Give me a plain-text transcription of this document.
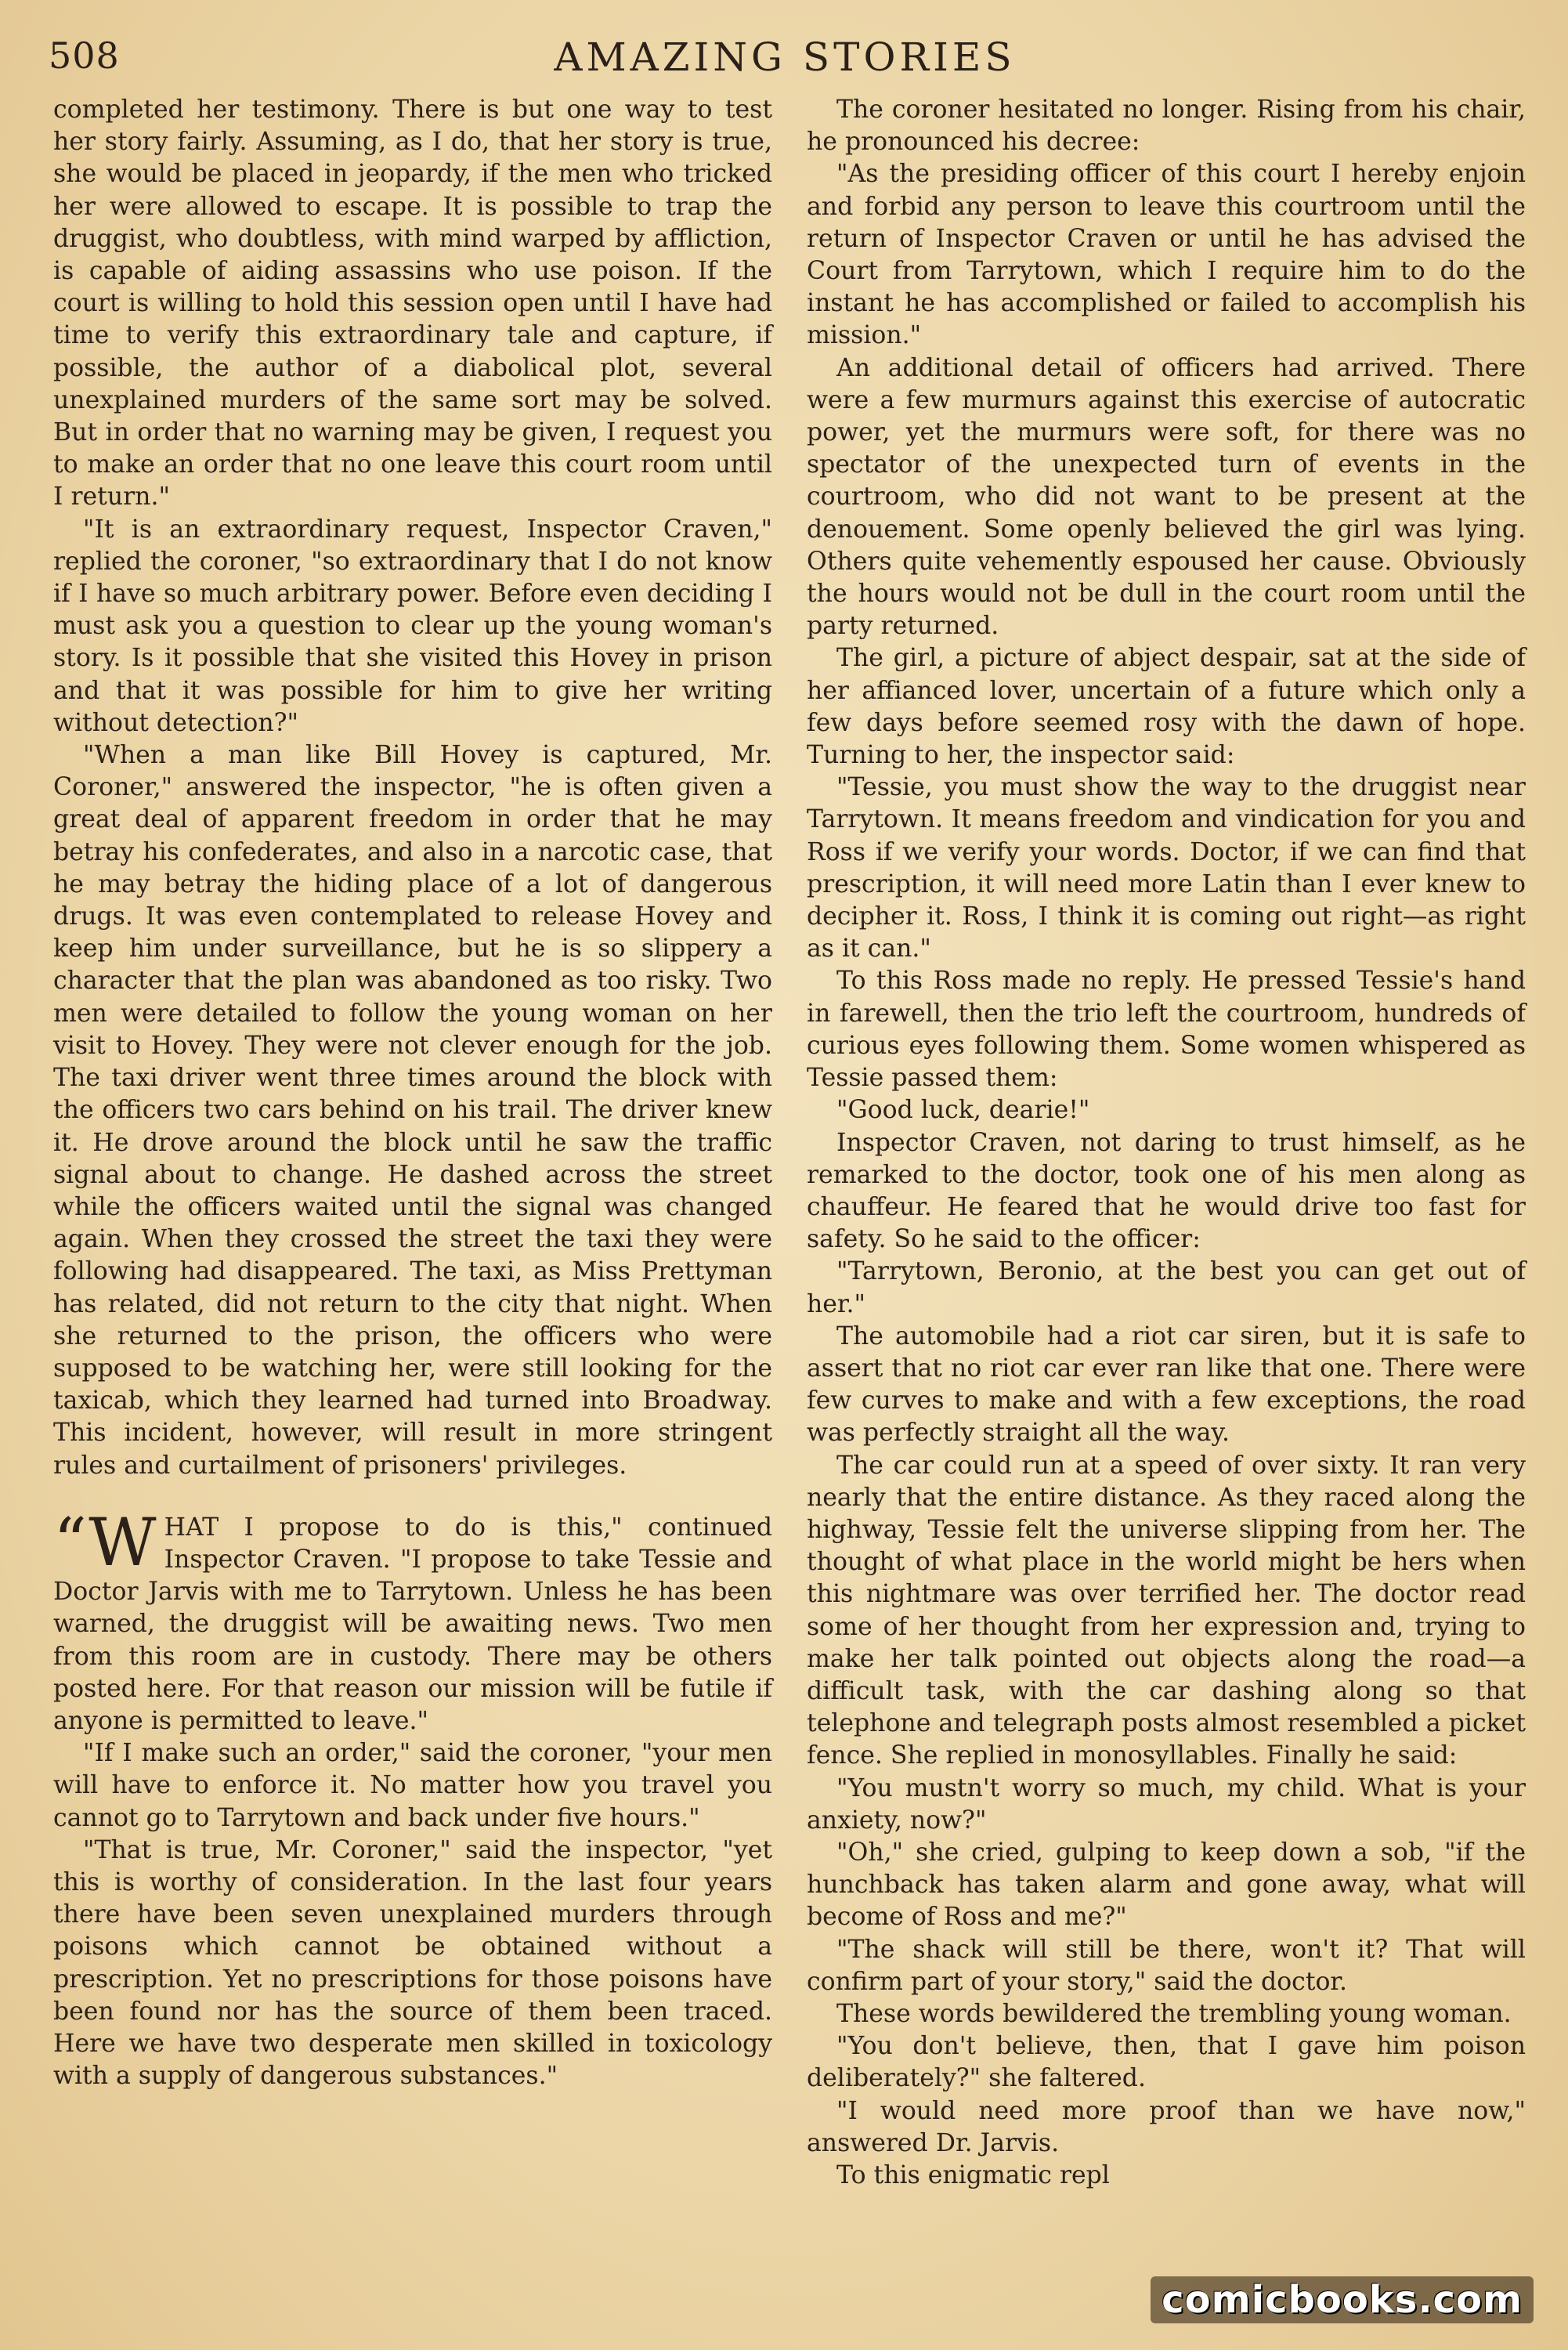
508	AMAZING STORIES

completed her testimony. There is but one way to test her story fairly. Assuming, as I do, that her story is true, she would be placed in jeopardy, if the men who tricked her were allowed to escape. It is possible to trap the druggist, who doubtless, with mind warped by affliction, is capable of aiding assassins who use poison. If the court is willing to hold this session open until I have had time to verify this extraordinary tale and capture, if possible, the author of a diabolical plot, several unexplained murders of the same sort may be solved. But in order that no warning may be given, I request you to make an order that no one leave this court room until I return."

"It is an extraordinary request, Inspector Craven," replied the coroner, "so extraordinary that I do not know if I have so much arbitrary power. Before even deciding I must ask you a question to clear up the young woman's story. Is it possible that she visited this Hovey in prison and that it was possible for him to give her writing without detection?"

"When a man like Bill Hovey is captured, Mr. Coroner," answered the inspector, "he is often given a great deal of apparent freedom in order that he may betray his confederates, and also in a narcotic case, that he may betray the hiding place of a lot of dangerous drugs. It was even contemplated to release Hovey and keep him under surveillance, but he is so slippery a character that the plan was abandoned as too risky. Two men were detailed to follow the young woman on her visit to Hovey. They were not clever enough for the job. The taxi driver went three times around the block with the officers two cars behind on his trail. The driver knew it. He drove around the block until he saw the traffic signal about to change. He dashed across the street while the officers waited until the signal was changed again. When they crossed the street the taxi they were following had disappeared. The taxi, as Miss Prettyman has related, did not return to the city that night. When she returned to the prison, the officers who were supposed to be watching her, were still looking for the taxicab, which they learned had turned into Broadway. This incident, however, will result in more stringent rules and curtailment of prisoners' privileges.

“WHAT I propose to do is this," continued Inspector Craven. "I propose to take Tessie and Doctor Jarvis with me to Tarrytown. Unless he has been warned, the druggist will be awaiting news. Two men from this room are in custody. There may be others posted here. For that reason our mission will be futile if anyone is permitted to leave."

"If I make such an order," said the coroner, "your men will have to enforce it. No matter how you travel you cannot go to Tarrytown and back under five hours."

"That is true, Mr. Coroner," said the inspector, "yet this is worthy of consideration. In the last four years there have been seven unexplained murders through poisons which cannot be obtained without a prescription. Yet no prescriptions for those poisons have been found nor has the source of them been traced. Here we have two desperate men skilled in toxicology with a supply of dangerous substances."

The coroner hesitated no longer. Rising from his chair, he pronounced his decree:

"As the presiding officer of this court I hereby enjoin and forbid any person to leave this courtroom until the return of Inspector Craven or until he has advised the Court from Tarrytown, which I require him to do the instant he has accomplished or failed to accomplish his mission."

An additional detail of officers had arrived. There were a few murmurs against this exercise of autocratic power, yet the murmurs were soft, for there was no spectator of the unexpected turn of events in the courtroom, who did not want to be present at the denouement. Some openly believed the girl was lying. Others quite vehemently espoused her cause. Obviously the hours would not be dull in the court room until the party returned.

The girl, a picture of abject despair, sat at the side of her affianced lover, uncertain of a future which only a few days before seemed rosy with the dawn of hope. Turning to her, the inspector said:

"Tessie, you must show the way to the druggist near Tarrytown. It means freedom and vindication for you and Ross if we verify your words. Doctor, if we can find that prescription, it will need more Latin than I ever knew to decipher it. Ross, I think it is coming out right—as right as it can."

To this Ross made no reply. He pressed Tessie's hand in farewell, then the trio left the courtroom, hundreds of curious eyes following them. Some women whispered as Tessie passed them:

"Good luck, dearie!"

Inspector Craven, not daring to trust himself, as he remarked to the doctor, took one of his men along as chauffeur. He feared that he would drive too fast for safety. So he said to the officer:

"Tarrytown, Beronio, at the best you can get out of her."

The automobile had a riot car siren, but it is safe to assert that no riot car ever ran like that one. There were few curves to make and with a few exceptions, the road was perfectly straight all the way.

The car could run at a speed of over sixty. It ran very nearly that the entire distance. As they raced along the highway, Tessie felt the universe slipping from her. The thought of what place in the world might be hers when this nightmare was over terrified her. The doctor read some of her thought from her expression and, trying to make her talk pointed out objects along the road—a difficult task, with the car dashing along so that telephone and telegraph posts almost resembled a picket fence. She replied in monosyllables. Finally he said:

"You mustn't worry so much, my child. What is your anxiety, now?"

"Oh," she cried, gulping to keep down a sob, "if the hunchback has taken alarm and gone away, what will become of Ross and me?"

"The shack will still be there, won't it? That will confirm part of your story," said the doctor.

These words bewildered the trembling young woman.

"You don't believe, then, that I gave him poison deliberately?" she faltered.

"I would need more proof than we have now," answered Dr. Jarvis.

To this enigmatic repl

comicbooks.com
